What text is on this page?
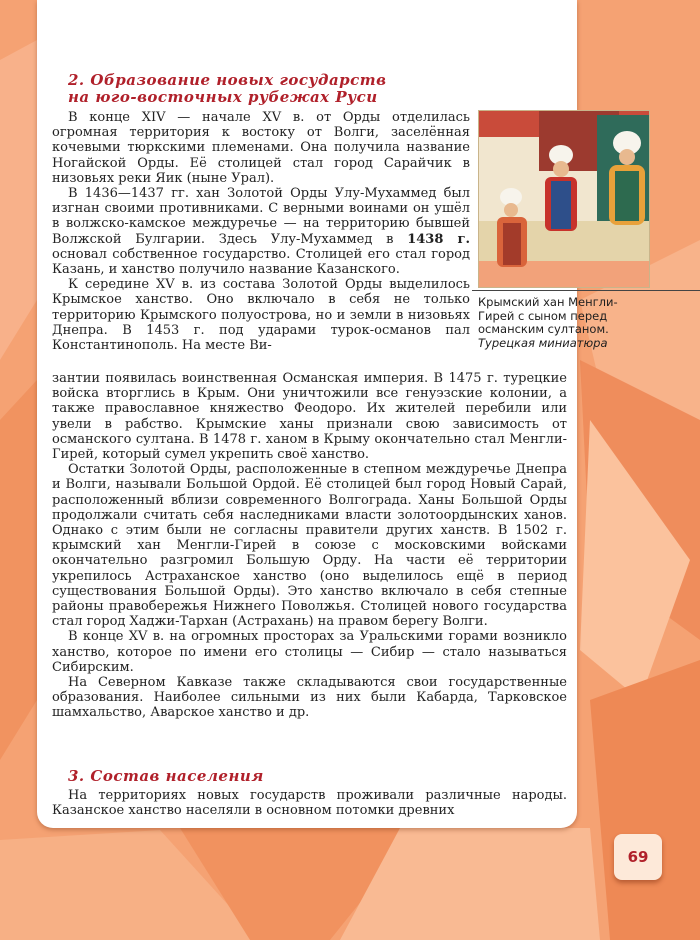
2. Образование новых государств
на юго-восточных рубежах Руси

В конце XIV — начале XV в. от Орды отделилась огромная территория к востоку от Волги, заселённая кочевыми тюркскими племенами. Она получила название Ногайской Орды. Её столицей стал город Сарайчик в низовьях реки Яик (ныне Урал).

В 1436—1437 гг. хан Золотой Орды Улу-Мухаммед был изгнан своими противниками. С верными воинами он ушёл в волжско-камское междуречье — на территорию бывшей Волжской Булгарии. Здесь Улу-Мухаммед в 1438 г. основал собственное государство. Столицей его стал город Казань, и ханство получило название Казанского.

К середине XV в. из состава Золотой Орды выделилось Крымское ханство. Оно включало в себя не только территорию Крымского полуострова, но и земли в низовьях Днепра. В 1453 г. под ударами турок-османов пал Константинополь. На месте Ви-

зантии появилась воинственная Османская империя. В 1475 г. турецкие войска вторглись в Крым. Они уничтожили все генуэзские колонии, а также православное княжество Феодоро. Их жителей перебили или увели в рабство. Крымские ханы признали свою зависимость от османского султана. В 1478 г. ханом в Крыму окончательно стал Менгли-Гирей, который сумел укрепить своё ханство.

Остатки Золотой Орды, расположенные в степном междуречье Днепра и Волги, называли Большой Ордой. Её столицей был город Новый Сарай, расположенный вблизи современного Волгограда. Ханы Большой Орды продолжали считать себя наследниками власти золотоордынских ханов. Однако с этим были не согласны правители других ханств. В 1502 г. крымский хан Менгли-Гирей в союзе с московскими войсками окончательно разгромил Большую Орду. На части её территории укрепилось Астраханское ханство (оно выделилось ещё в период существования Большой Орды). Это ханство включало в себя степные районы правобережья Нижнего Поволжья. Столицей нового государства стал город Хаджи-Тархан (Астрахань) на правом берегу Волги.

В конце XV в. на огромных просторах за Уральскими горами возникло ханство, которое по имени его столицы — Сибир — стало называться Сибирским.

На Северном Кавказе также складываются свои государственные образования. Наиболее сильными из них были Кабарда, Тарковское шамхальство, Аварское ханство и др.

3. Состав населения

На территориях новых государств проживали различные народы. Казанское ханство населяли в основном потомки древних

Крымский хан Менгли-Гирей с сыном перед османским султаном.
Турецкая миниатюра

69
